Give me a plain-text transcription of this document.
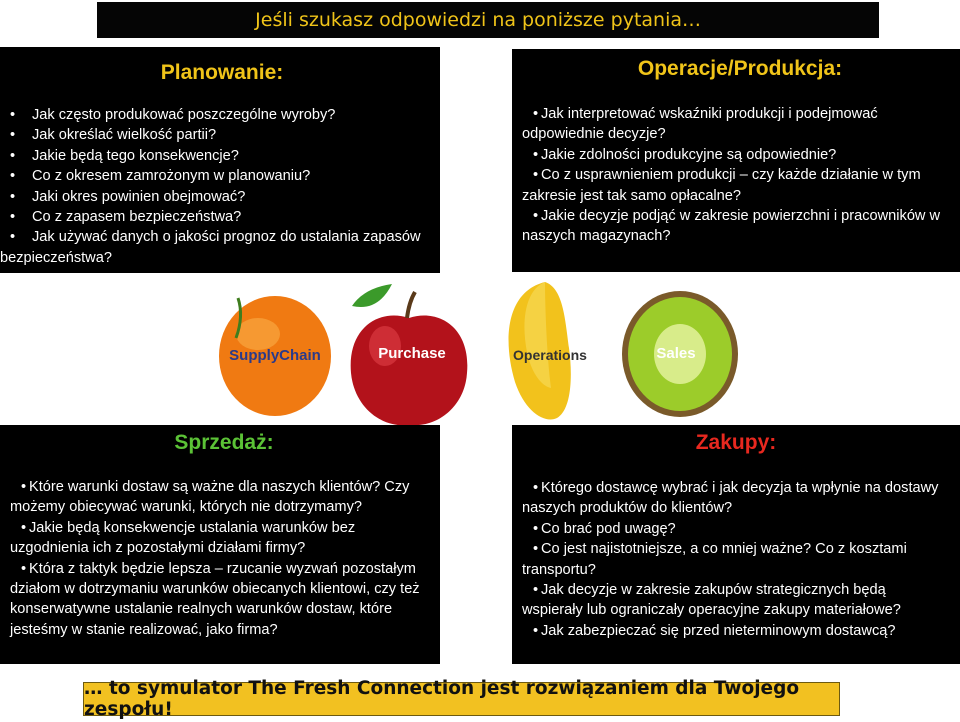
Jeśli szukasz odpowiedzi na poniższe pytania…
Planowanie:
• Jak często produkować poszczególne wyroby?
• Jak określać wielkość partii?
• Jakie będą tego konsekwencje?
• Co z okresem zamrożonym w planowaniu?
• Jaki okres powinien obejmować?
• Co z zapasem bezpieczeństwa?
• Jak używać danych o jakości prognoz do ustalania zapasów bezpieczeństwa?
Operacje/Produkcja:
• Jak interpretować wskaźniki produkcji i podejmować odpowiednie decyzje?
• Jakie zdolności produkcyjne są odpowiednie?
• Co z usprawnieniem produkcji – czy każde działanie w tym zakresie jest tak samo opłacalne?
• Jakie decyzje podjąć w zakresie powierzchni i pracowników w naszych magazynach?
SupplyChain	Purchase	Operations	Sales
Sprzedaż:
• Które warunki dostaw są ważne dla naszych klientów? Czy możemy obiecywać warunki, których nie dotrzymamy?
• Jakie będą konsekwencje ustalania warunków bez uzgodnienia ich z pozostałymi działami firmy?
• Która z taktyk będzie lepsza – rzucanie wyzwań pozostałym działom w dotrzymaniu warunków obiecanych klientowi, czy też konserwatywne ustalanie realnych warunków dostaw, które jesteśmy w stanie realizować, jako firma?
Zakupy:
• Którego dostawcę wybrać i jak decyzja ta wpłynie na dostawy naszych produktów do klientów?
• Co brać pod uwagę?
• Co jest najistotniejsze, a co mniej ważne? Co z kosztami transportu?
• Jak decyzje w zakresie zakupów strategicznych będą wspierały lub ograniczały operacyjne zakupy materiałowe?
• Jak zabezpieczać się przed nieterminowym dostawcą?
… to symulator The Fresh Connection jest rozwiązaniem dla Twojego zespołu!
